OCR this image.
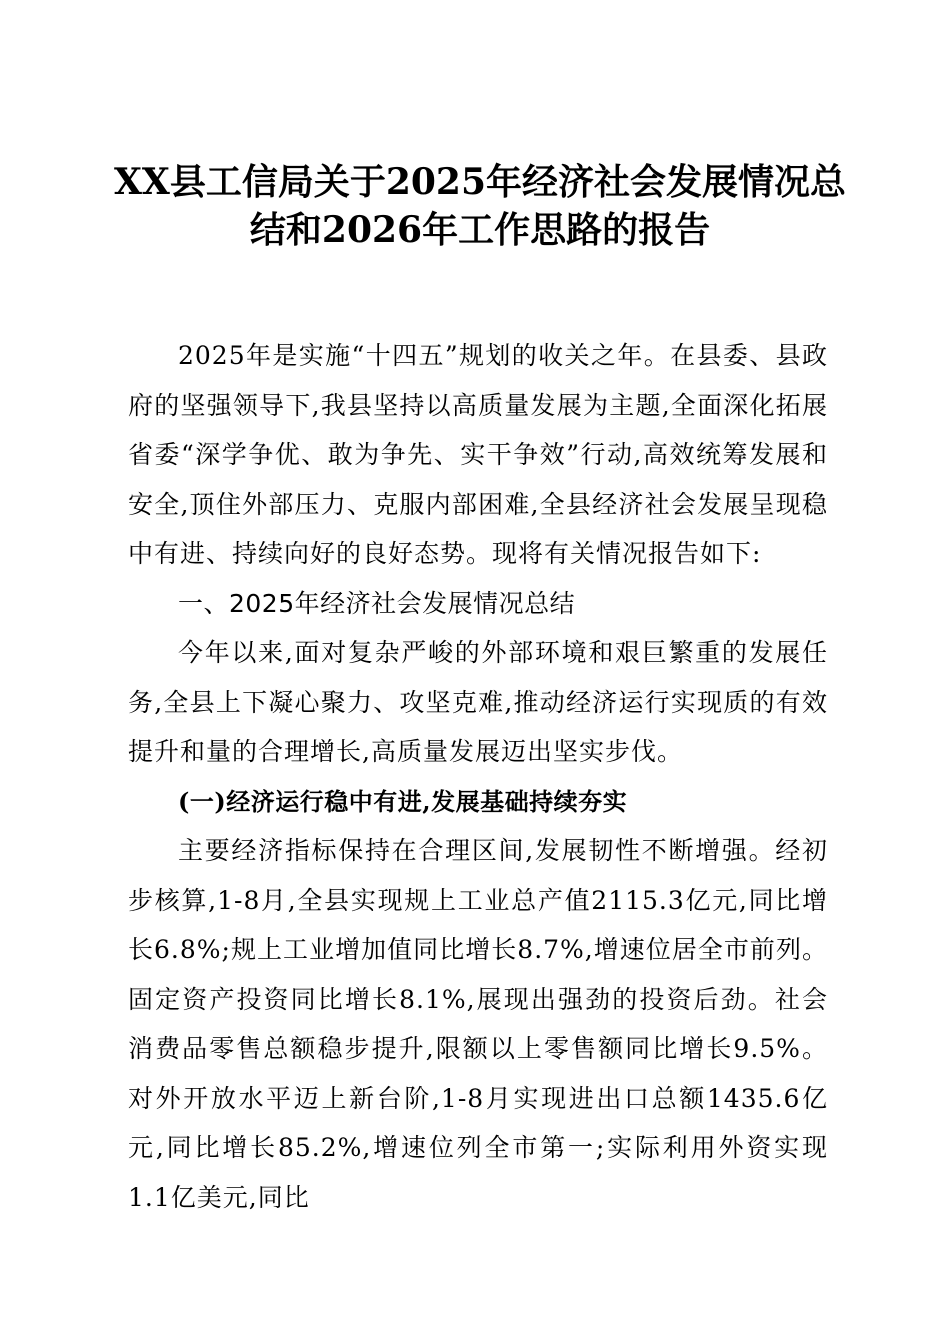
XX县工信局关于2025年经济社会发展情况总
结和2026年工作思路的报告

2025年是实施“十四五”规划的收关之年。在县委、县政府的坚强领导下,我县坚持以高质量发展为主题,全面深化拓展省委“深学争优、敢为争先、实干争效”行动,高效统筹发展和安全,顶住外部压力、克服内部困难,全县经济社会发展呈现稳中有进、持续向好的良好态势。现将有关情况报告如下:

一、2025年经济社会发展情况总结

今年以来,面对复杂严峻的外部环境和艰巨繁重的发展任务,全县上下凝心聚力、攻坚克难,推动经济运行实现质的有效提升和量的合理增长,高质量发展迈出坚实步伐。

(一)经济运行稳中有进,发展基础持续夯实

主要经济指标保持在合理区间,发展韧性不断增强。经初步核算,1-8月,全县实现规上工业总产值2115.3亿元,同比增长6.8%;规上工业增加值同比增长8.7%,增速位居全市前列。固定资产投资同比增长8.1%,展现出强劲的投资后劲。社会消费品零售总额稳步提升,限额以上零售额同比增长9.5%。对外开放水平迈上新台阶,1-8月实现进出口总额1435.6亿元,同比增长85.2%,增速位列全市第一;实际利用外资实现1.1亿美元,同比
